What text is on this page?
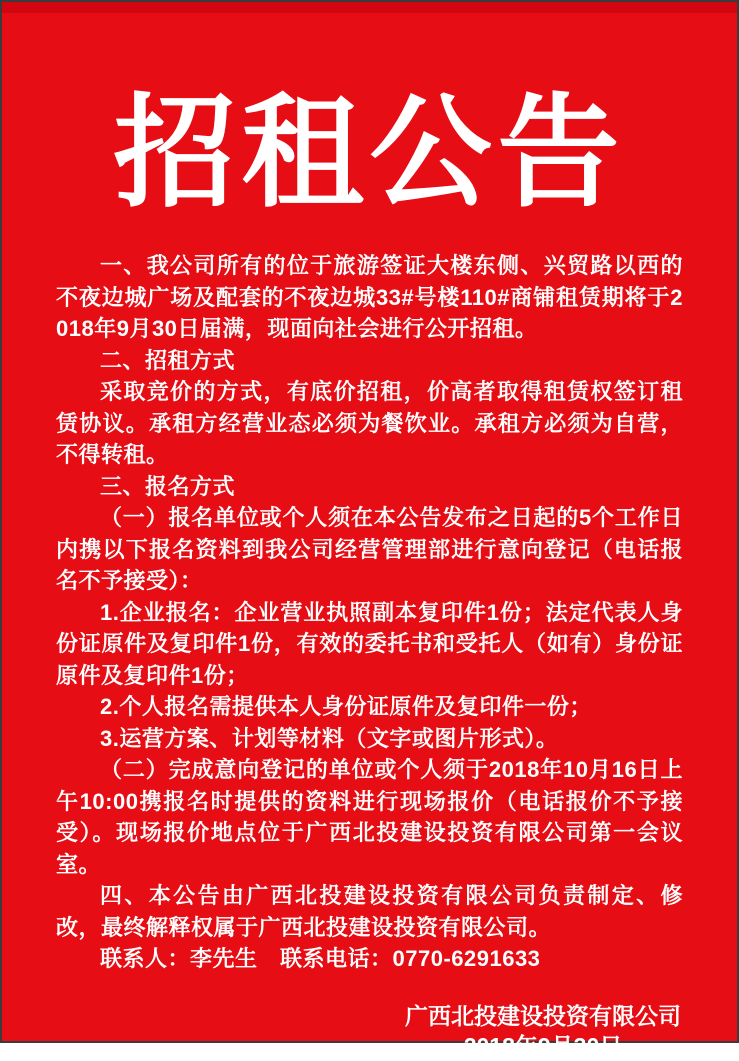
招租公告

一、我公司所有的位于旅游签证大楼东侧、兴贸路以西的不夜边城广场及配套的不夜边城33#号楼110#商铺租赁期将于2018年9月30日届满，现面向社会进行公开招租。

二、招租方式

采取竞价的方式，有底价招租，价高者取得租赁权签订租赁协议。承租方经营业态必须为餐饮业。承租方必须为自营，不得转租。

三、报名方式

（一）报名单位或个人须在本公告发布之日起的5个工作日内携以下报名资料到我公司经营管理部进行意向登记（电话报名不予接受）：

1.企业报名：企业营业执照副本复印件1份；法定代表人身份证原件及复印件1份，有效的委托书和受托人（如有）身份证原件及复印件1份；

2.个人报名需提供本人身份证原件及复印件一份；

3.运营方案、计划等材料（文字或图片形式）。

（二）完成意向登记的单位或个人须于2018年10月16日上午10:00携报名时提供的资料进行现场报价（电话报价不予接受）。现场报价地点位于广西北投建设投资有限公司第一会议室。

四、本公告由广西北投建设投资有限公司负责制定、修改，最终解释权属于广西北投建设投资有限公司。

联系人：李先生　联系电话：0770-6291633

广西北投建设投资有限公司
2018年9月30日
